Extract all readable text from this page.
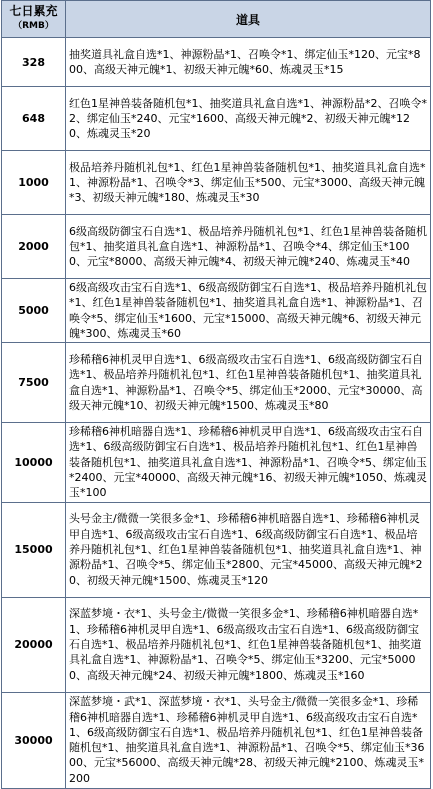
七日累充
（RMB）	道具
328	抽奖道具礼盒自选*1、神源粉晶*1、召唤令*1、绑定仙玉*120、元宝*800、高级天神元魄*1、初级天神元魄*60、炼魂灵玉*15
648	红色1星神兽装备随机包*1、抽奖道具礼盒自选*1、神源粉晶*2、召唤令*2、绑定仙玉*240、元宝*1600、高级天神元魄*2、初级天神元魄*120、炼魂灵玉*20
1000	极品培养丹随机礼包*1、红色1星神兽装备随机包*1、抽奖道具礼盒自选*1、神源粉晶*1、召唤令*3、绑定仙玉*500、元宝*3000、高级天神元魄*3、初级天神元魄*180、炼魂灵玉*30
2000	6级高级防御宝石自选*1、极品培养丹随机礼包*1、红色1星神兽装备随机包*1、抽奖道具礼盒自选*1、神源粉晶*1、召唤令*4、绑定仙玉*1000、元宝*8000、高级天神元魄*4、初级天神元魄*240、炼魂灵玉*40
5000	6级高级攻击宝石自选*1、6级高级防御宝石自选*1、极品培养丹随机礼包*1、红色1星神兽装备随机包*1、抽奖道具礼盒自选*1、神源粉晶*1、召唤令*5、绑定仙玉*1600、元宝*15000、高级天神元魄*6、初级天神元魄*300、炼魂灵玉*60
7500	珍稀稽6神机灵甲自选*1、6级高级攻击宝石自选*1、6级高级防御宝石自选*1、极品培养丹随机礼包*1、红色1星神兽装备随机包*1、抽奖道具礼盒自选*1、神源粉晶*1、召唤令*5、绑定仙玉*2000、元宝*30000、高级天神元魄*10、初级天神元魄*1500、炼魂灵玉*80
10000	珍稀稽6神机暗器自选*1、珍稀稽6神机灵甲自选*1、6级高级攻击宝石自选*1、6级高级防御宝石自选*1、极品培养丹随机礼包*1、红色1星神兽装备随机包*1、抽奖道具礼盒自选*1、神源粉晶*1、召唤令*5、绑定仙玉*2400、元宝*40000、高级天神元魄*16、初级天神元魄*1050、炼魂灵玉*100
15000	头号金主/微微一笑很多金*1、珍稀稽6神机暗器自选*1、珍稀稽6神机灵甲自选*1、6级高级攻击宝石自选*1、6级高级防御宝石自选*1、极品培养丹随机礼包*1、红色1星神兽装备随机包*1、抽奖道具礼盒自选*1、神源粉晶*1、召唤令*5、绑定仙玉*2800、元宝*45000、高级天神元魄*20、初级天神元魄*1500、炼魂灵玉*120
20000	深蓝梦境・衣*1、头号金主/微微一笑很多金*1、珍稀稽6神机暗器自选*1、珍稀稽6神机灵甲自选*1、6级高级攻击宝石自选*1、6级高级防御宝石自选*1、极品培养丹随机礼包*1、红色1星神兽装备随机包*1、抽奖道具礼盒自选*1、神源粉晶*1、召唤令*5、绑定仙玉*3200、元宝*50000、高级天神元魄*24、初级天神元魄*1800、炼魂灵玉*160
30000	深蓝梦境・武*1、深蓝梦境・衣*1、头号金主/微微一笑很多金*1、珍稀稽6神机暗器自选*1、珍稀稽6神机灵甲自选*1、6级高级攻击宝石自选*1、6级高级防御宝石自选*1、极品培养丹随机礼包*1、红色1星神兽装备随机包*1、抽奖道具礼盒自选*1、神源粉晶*1、召唤令*5、绑定仙玉*3600、元宝*56000、高级天神元魄*28、初级天神元魄*2100、炼魂灵玉*200
